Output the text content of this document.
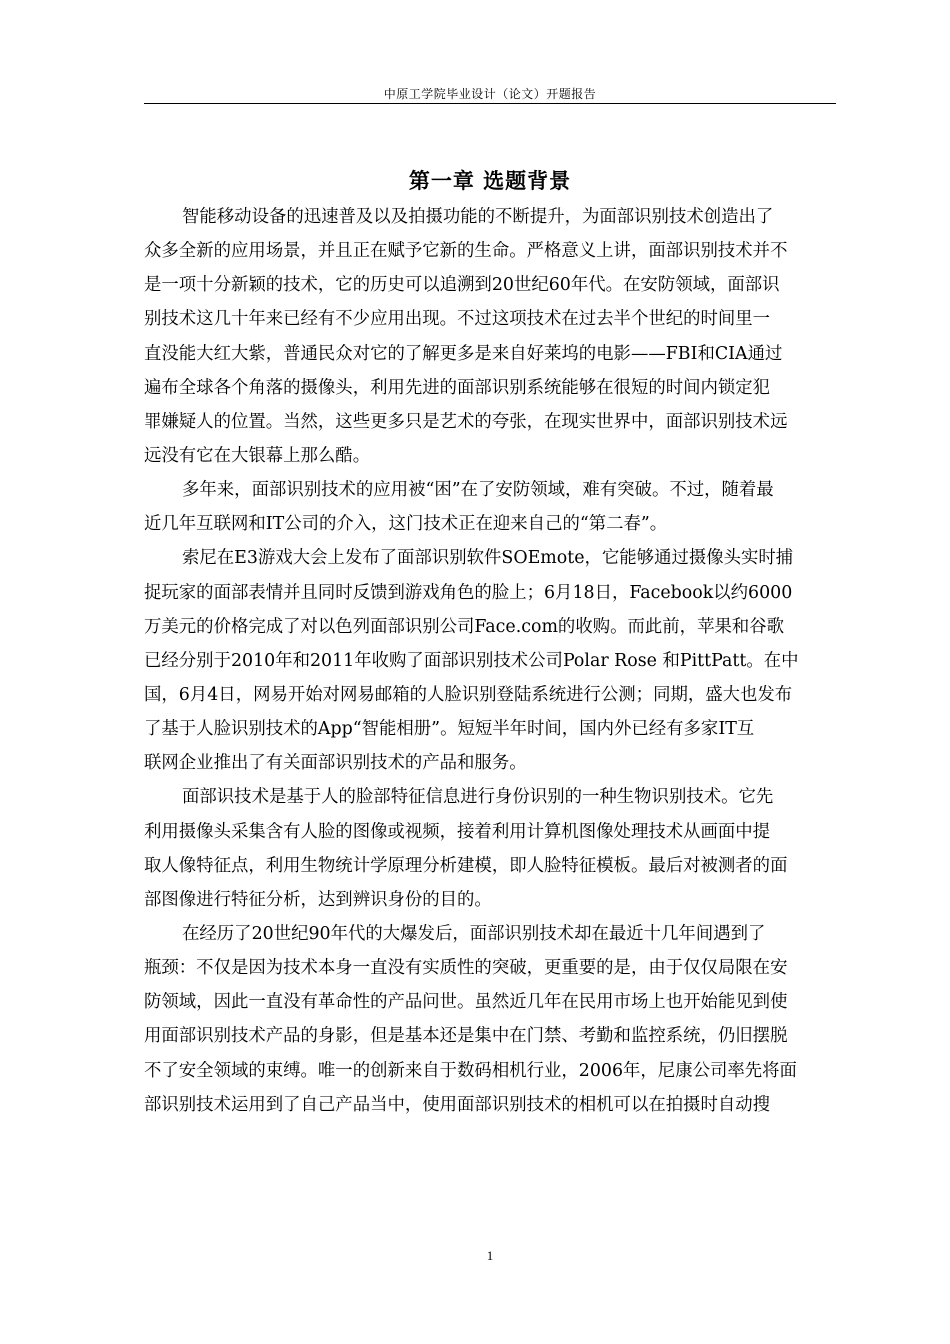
中原工学院毕业设计（论文）开题报告
第一章 选题背景
智能移动设备的迅速普及以及拍摄功能的不断提升，为面部识别技术创造出了
众多全新的应用场景，并且正在赋予它新的生命。严格意义上讲，面部识别技术并不
是一项十分新颖的技术，它的历史可以追溯到20世纪60年代。在安防领域，面部识
别技术这几十年来已经有不少应用出现。不过这项技术在过去半个世纪的时间里一
直没能大红大紫，普通民众对它的了解更多是来自好莱坞的电影——FBI和CIA通过
遍布全球各个角落的摄像头，利用先进的面部识别系统能够在很短的时间内锁定犯
罪嫌疑人的位置。当然，这些更多只是艺术的夸张，在现实世界中，面部识别技术远
远没有它在大银幕上那么酷。
多年来，面部识别技术的应用被“困”在了安防领域，难有突破。不过，随着最
近几年互联网和IT公司的介入，这门技术正在迎来自己的“第二春”。
索尼在E3游戏大会上发布了面部识别软件SOEmote，它能够通过摄像头实时捕
捉玩家的面部表情并且同时反馈到游戏角色的脸上；6月18日，Facebook以约6000
万美元的价格完成了对以色列面部识别公司Face.com的收购。而此前，苹果和谷歌
已经分别于2010年和2011年收购了面部识别技术公司Polar Rose 和PittPatt。在中
国，6月4日，网易开始对网易邮箱的人脸识别登陆系统进行公测；同期，盛大也发布
了基于人脸识别技术的App“智能相册”。短短半年时间，国内外已经有多家IT互
联网企业推出了有关面部识别技术的产品和服务。
面部识技术是基于人的脸部特征信息进行身份识别的一种生物识别技术。它先
利用摄像头采集含有人脸的图像或视频，接着利用计算机图像处理技术从画面中提
取人像特征点，利用生物统计学原理分析建模，即人脸特征模板。最后对被测者的面
部图像进行特征分析，达到辨识身份的目的。
在经历了20世纪90年代的大爆发后，面部识别技术却在最近十几年间遇到了
瓶颈：不仅是因为技术本身一直没有实质性的突破，更重要的是，由于仅仅局限在安
防领域，因此一直没有革命性的产品问世。虽然近几年在民用市场上也开始能见到使
用面部识别技术产品的身影，但是基本还是集中在门禁、考勤和监控系统，仍旧摆脱
不了安全领域的束缚。唯一的创新来自于数码相机行业，2006年，尼康公司率先将面
部识别技术运用到了自己产品当中，使用面部识别技术的相机可以在拍摄时自动搜
1
